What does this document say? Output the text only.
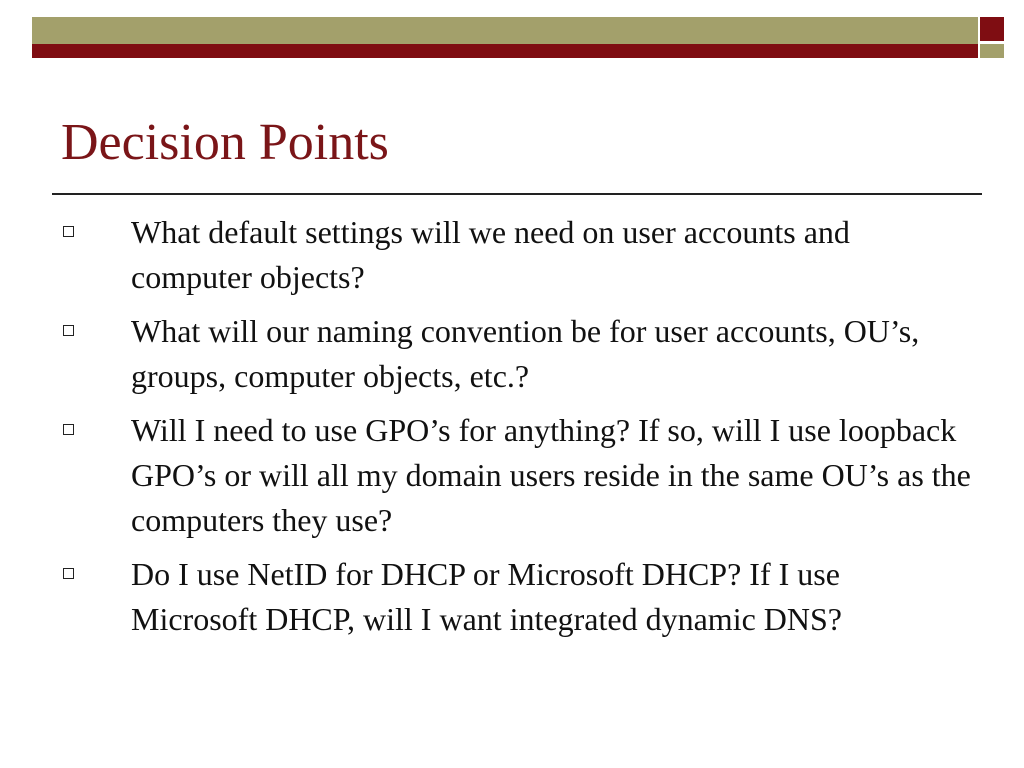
Decision Points
What default settings will we need on user accounts and computer objects?
What will our naming convention be for user accounts, OU’s, groups, computer objects, etc.?
Will I need to use GPO’s for anything? If so, will I use loopback GPO’s or will all my domain users reside in the same OU’s as the computers they use?
Do I use NetID for DHCP or Microsoft DHCP? If I use Microsoft DHCP, will I want integrated dynamic DNS?
